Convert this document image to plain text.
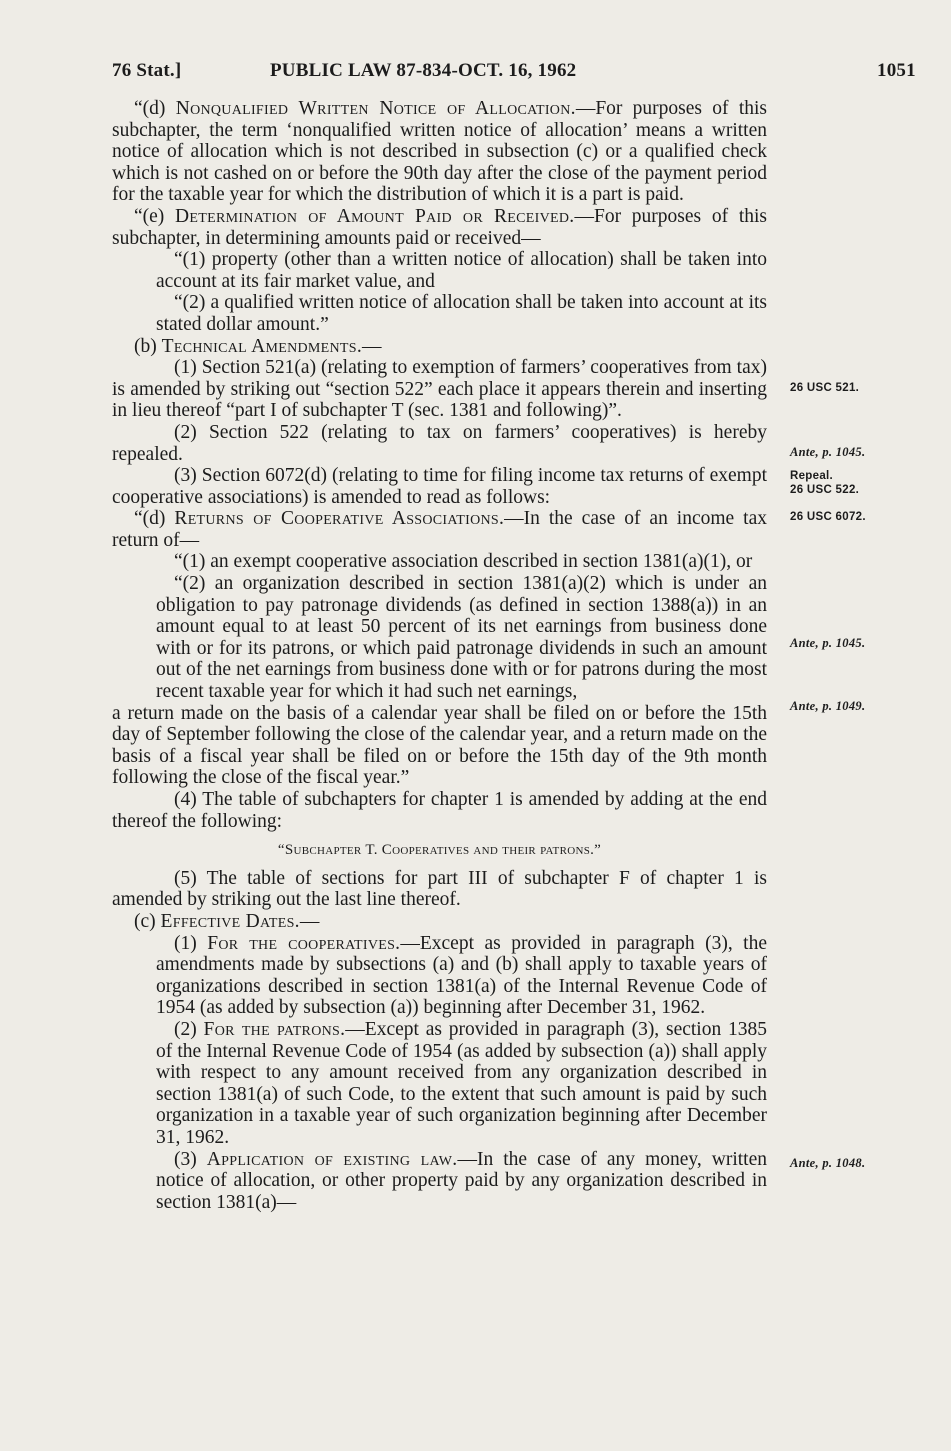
76 Stat.]	PUBLIC LAW 87-834-OCT. 16, 1962	1051

“(d) Nonqualified Written Notice of Allocation.—For purposes of this subchapter, the term ‘nonqualified written notice of allocation’ means a written notice of allocation which is not described in subsection (c) or a qualified check which is not cashed on or before the 90th day after the close of the payment period for the taxable year for which the distribution of which it is a part is paid.

“(e) Determination of Amount Paid or Received.—For purposes of this subchapter, in determining amounts paid or received—

“(1) property (other than a written notice of allocation) shall be taken into account at its fair market value, and

“(2) a qualified written notice of allocation shall be taken into account at its stated dollar amount.”

(b) Technical Amendments.—

(1) Section 521(a) (relating to exemption of farmers’ cooperatives from tax) is amended by striking out “section 522” each place it appears therein and inserting in lieu thereof “part I of subchapter T (sec. 1381 and following)”.

(2) Section 522 (relating to tax on farmers’ cooperatives) is hereby repealed.

(3) Section 6072(d) (relating to time for filing income tax returns of exempt cooperative associations) is amended to read as follows:

“(d) Returns of Cooperative Associations.—In the case of an income tax return of—

“(1) an exempt cooperative association described in section 1381(a)(1), or

“(2) an organization described in section 1381(a)(2) which is under an obligation to pay patronage dividends (as defined in section 1388(a)) in an amount equal to at least 50 percent of its net earnings from business done with or for its patrons, or which paid patronage dividends in such an amount out of the net earnings from business done with or for patrons during the most recent taxable year for which it had such net earnings,

a return made on the basis of a calendar year shall be filed on or before the 15th day of September following the close of the calendar year, and a return made on the basis of a fiscal year shall be filed on or before the 15th day of the 9th month following the close of the fiscal year.”

(4) The table of subchapters for chapter 1 is amended by adding at the end thereof the following:

“Subchapter T. Cooperatives and their patrons.”

(5) The table of sections for part III of subchapter F of chapter 1 is amended by striking out the last line thereof.

(c) Effective Dates.—

(1) For the cooperatives.—Except as provided in paragraph (3), the amendments made by subsections (a) and (b) shall apply to taxable years of organizations described in section 1381(a) of the Internal Revenue Code of 1954 (as added by subsection (a)) beginning after December 31, 1962.

(2) For the patrons.—Except as provided in paragraph (3), section 1385 of the Internal Revenue Code of 1954 (as added by subsection (a)) shall apply with respect to any amount received from any organization described in section 1381(a) of such Code, to the extent that such amount is paid by such organization in a taxable year of such organization beginning after December 31, 1962.

(3) Application of existing law.—In the case of any money, written notice of allocation, or other property paid by any organization described in section 1381(a)—

26 USC 521.
Ante, p. 1045.
Repeal.
26 USC 522.
26 USC 6072.
Ante, p. 1045.
Ante, p. 1049.
Ante, p. 1048.
